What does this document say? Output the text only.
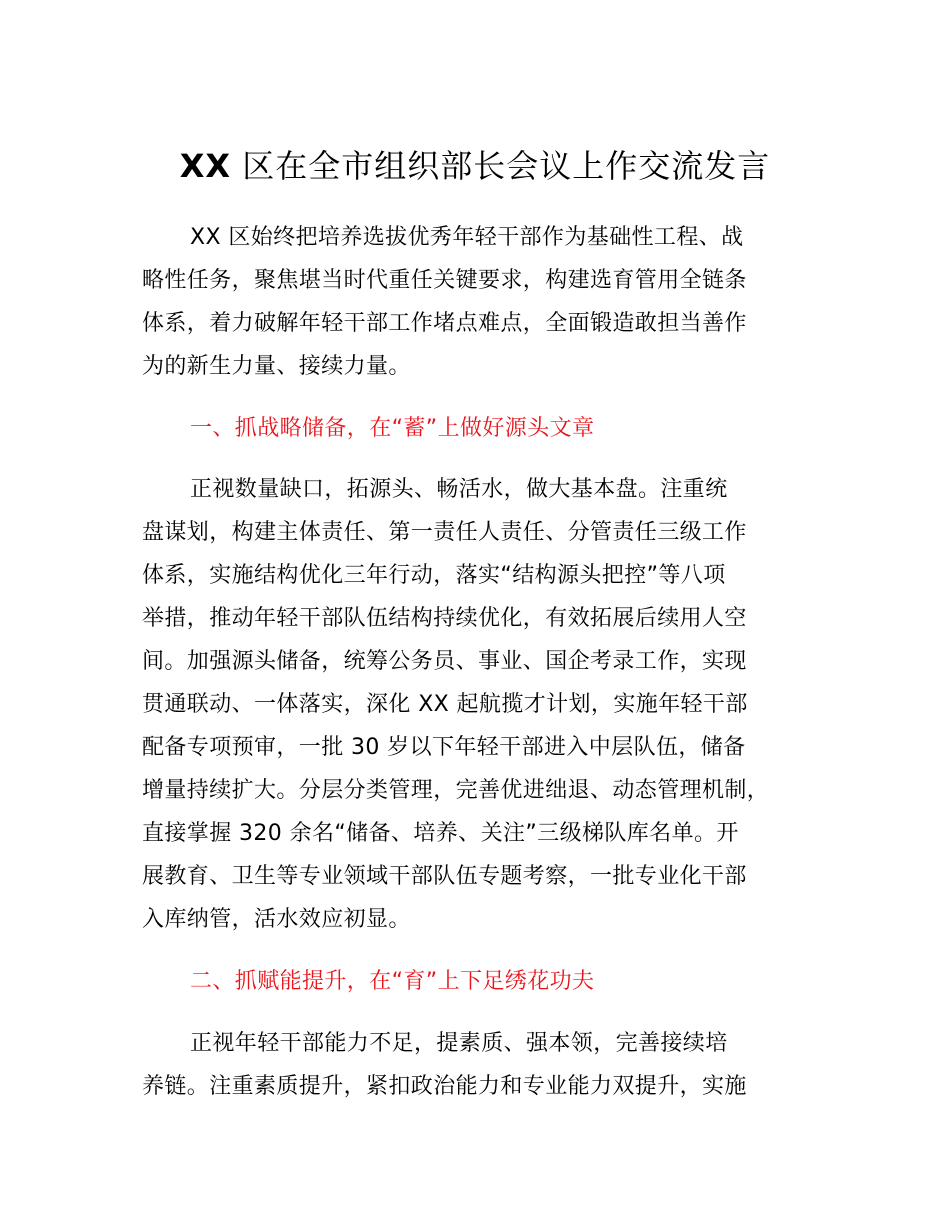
XX 区在全市组织部长会议上作交流发言
XX 区始终把培养选拔优秀年轻干部作为基础性工程、战
略性任务，聚焦堪当时代重任关键要求，构建选育管用全链条
体系，着力破解年轻干部工作堵点难点，全面锻造敢担当善作
为的新生力量、接续力量。
一、抓战略储备，在“蓄”上做好源头文章
正视数量缺口，拓源头、畅活水，做大基本盘。注重统
盘谋划，构建主体责任、第一责任人责任、分管责任三级工作
体系，实施结构优化三年行动，落实“结构源头把控”等八项
举措，推动年轻干部队伍结构持续优化，有效拓展后续用人空
间。加强源头储备，统筹公务员、事业、国企考录工作，实现
贯通联动、一体落实，深化 XX 起航揽才计划，实施年轻干部
配备专项预审，一批 30 岁以下年轻干部进入中层队伍，储备
增量持续扩大。分层分类管理，完善优进绌退、动态管理机制，
直接掌握 320 余名“储备、培养、关注”三级梯队库名单。开
展教育、卫生等专业领域干部队伍专题考察，一批专业化干部
入库纳管，活水效应初显。
二、抓赋能提升，在“育”上下足绣花功夫
正视年轻干部能力不足，提素质、强本领，完善接续培
养链。注重素质提升，紧扣政治能力和专业能力双提升，实施
